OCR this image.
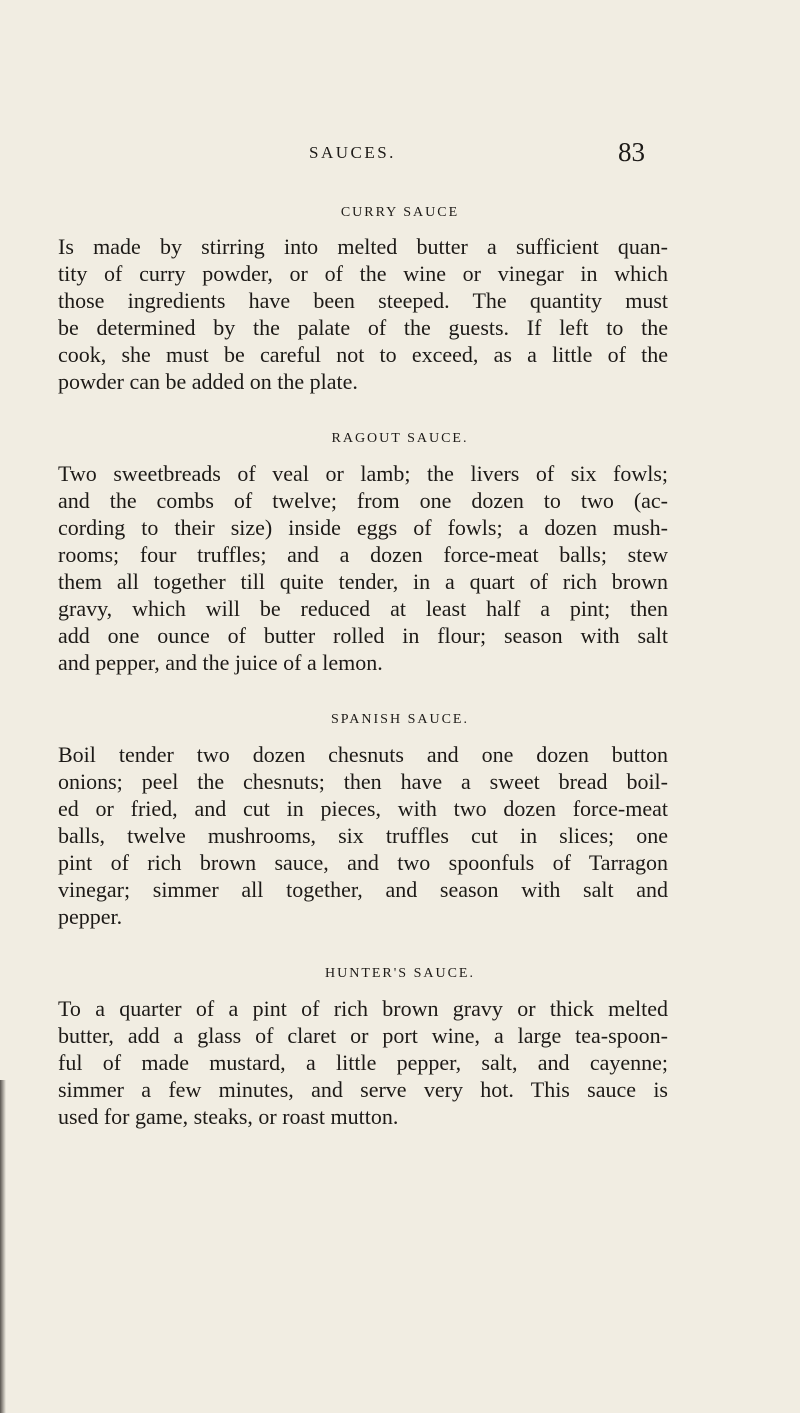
SAUCES.	83
CURRY SAUCE
Is made by stirring into melted butter a sufficient quan-
tity of curry powder, or of the wine or vinegar in which
those ingredients have been steeped. The quantity must
be determined by the palate of the guests. If left to the
cook, she must be careful not to exceed, as a little of the
powder can be added on the plate.
RAGOUT SAUCE.
Two sweetbreads of veal or lamb; the livers of six fowls;
and the combs of twelve; from one dozen to two (ac-
cording to their size) inside eggs of fowls; a dozen mush-
rooms; four truffles; and a dozen force-meat balls; stew
them all together till quite tender, in a quart of rich brown
gravy, which will be reduced at least half a pint; then
add one ounce of butter rolled in flour; season with salt
and pepper, and the juice of a lemon.
SPANISH SAUCE.
Boil tender two dozen chesnuts and one dozen button
onions; peel the chesnuts; then have a sweet bread boil-
ed or fried, and cut in pieces, with two dozen force-meat
balls, twelve mushrooms, six truffles cut in slices; one
pint of rich brown sauce, and two spoonfuls of Tarragon
vinegar; simmer all together, and season with salt and
pepper.
HUNTER'S SAUCE.
To a quarter of a pint of rich brown gravy or thick melted
butter, add a glass of claret or port wine, a large tea-spoon-
ful of made mustard, a little pepper, salt, and cayenne;
simmer a few minutes, and serve very hot. This sauce is
used for game, steaks, or roast mutton.
